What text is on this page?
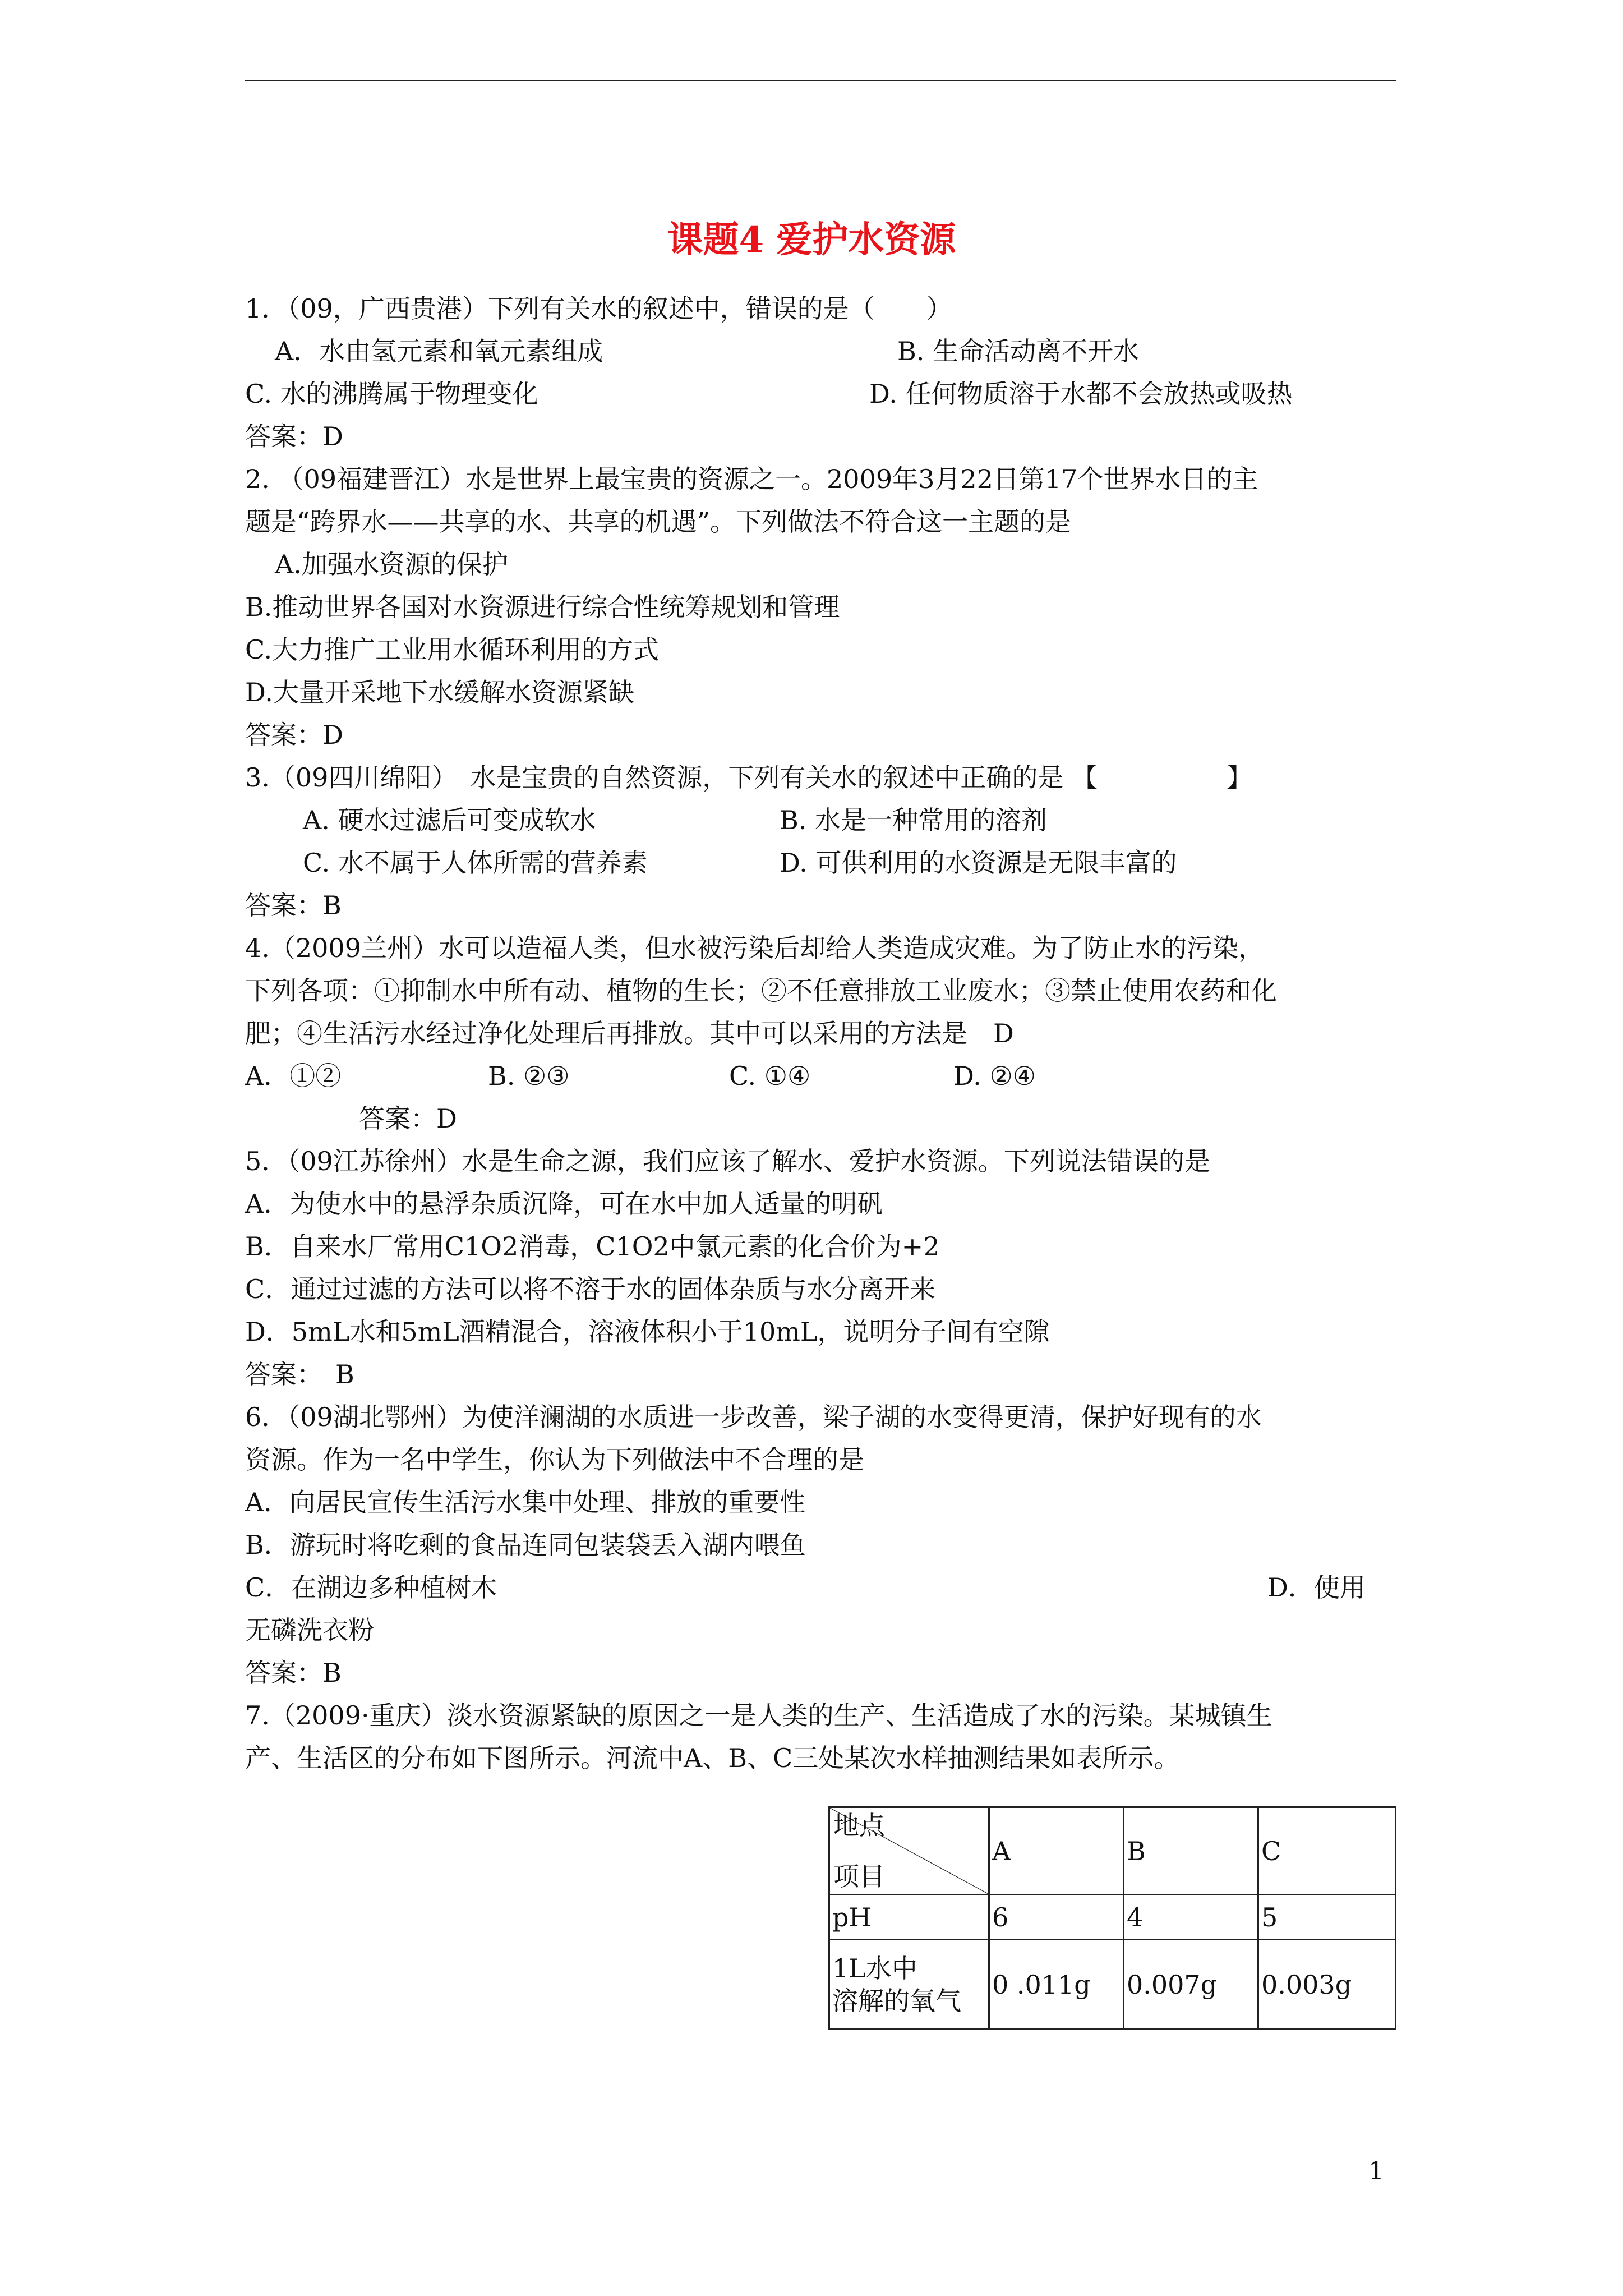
课题4 爱护水资源
1．（09，广西贵港）下列有关水的叙述中，错误的是（　　）
A．水由氢元素和氧元素组成	B. 生命活动离不开水
C. 水的沸腾属于物理变化	D. 任何物质溶于水都不会放热或吸热
答案：D
2. （09福建晋江）水是世界上最宝贵的资源之一。2009年3月22日第17个世界水日的主
题是“跨界水——共享的水、共享的机遇”。下列做法不符合这一主题的是
A.加强水资源的保护
B.推动世界各国对水资源进行综合性统筹规划和管理
C.大力推广工业用水循环利用的方式
D.大量开采地下水缓解水资源紧缺
答案：D
3.（09四川绵阳）　水是宝贵的自然资源，下列有关水的叙述中正确的是 【　　　　　】
A. 硬水过滤后可变成软水	B. 水是一种常用的溶剂
C. 水不属于人体所需的营养素	D. 可供利用的水资源是无限丰富的
答案：B
4.（2009兰州）水可以造福人类，但水被污染后却给人类造成灾难。为了防止水的污染，
下列各项：①抑制水中所有动、植物的生长；②不任意排放工业废水；③禁止使用农药和化
肥；④生活污水经过净化处理后再排放。其中可以采用的方法是　D
A．①②	B. ②③	C. ①④	D. ②④
答案：D
5．（09江苏徐州）水是生命之源，我们应该了解水、爱护水资源。下列说法错误的是
A．为使水中的悬浮杂质沉降，可在水中加人适量的明矾
B．自来水厂常用C1O2消毒，C1O2中氯元素的化合价为+2
C．通过过滤的方法可以将不溶于水的固体杂质与水分离开来
D．5mL水和5mL酒精混合，溶液体积小于10mL，说明分子间有空隙
答案：　B
6．（09湖北鄂州）为使洋澜湖的水质进一步改善，梁子湖的水变得更清，保护好现有的水
资源。作为一名中学生，你认为下列做法中不合理的是
A．向居民宣传生活污水集中处理、排放的重要性
B．游玩时将吃剩的食品连同包装袋丢入湖内喂鱼
C．在湖边多种植树木	D．使用
无磷洗衣粉
答案：B
7.（2009·重庆）淡水资源紧缺的原因之一是人类的生产、生活造成了水的污染。某城镇生
产、生活区的分布如下图所示。河流中A、B、C三处某次水样抽测结果如表所示。
地点
项目	A	B	C
pH	6	4	5

1L水中
溶解的氧气	0 .011g	0.007g	0.003g
1
